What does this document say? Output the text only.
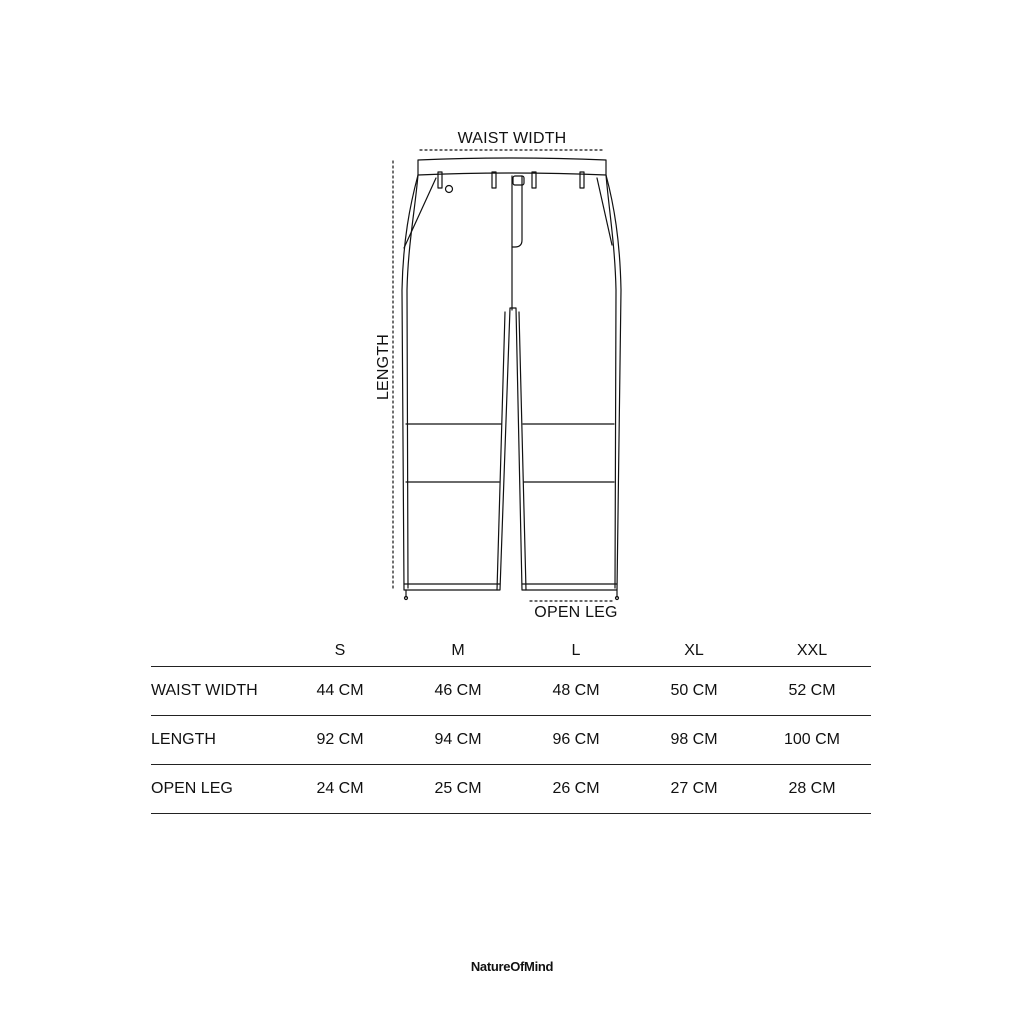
WAIST WIDTH
LENGTH
OPEN LEG
	S	M	L	XL	XXL
WAIST WIDTH	44 CM	46 CM	48 CM	50 CM	52 CM
LENGTH	92 CM	94 CM	96 CM	98 CM	100 CM
OPEN LEG	24 CM	25 CM	26 CM	27 CM	28 CM
NatureOfMind
